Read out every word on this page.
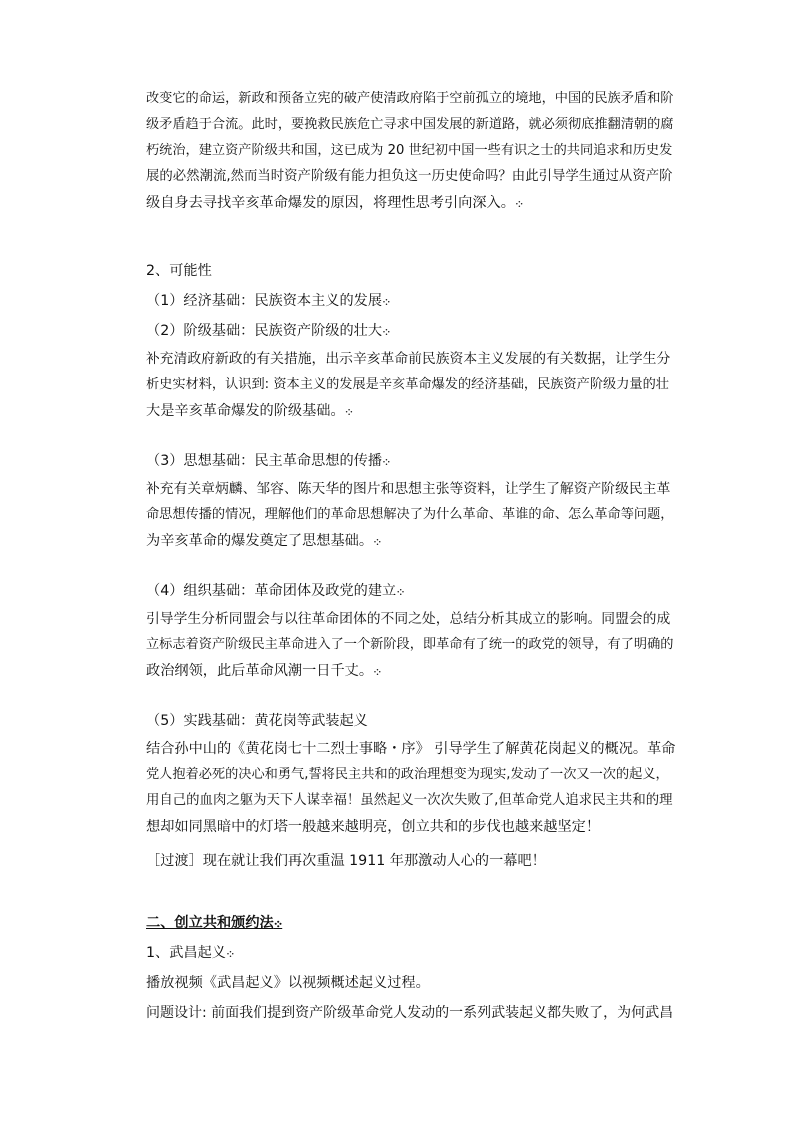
改变它的命运，新政和预备立宪的破产使清政府陷于空前孤立的境地，中国的民族矛盾和阶
级矛盾趋于合流。此时，要挽救民族危亡寻求中国发展的新道路，就必须彻底推翻清朝的腐
朽统治，建立资产阶级共和国，这已成为 20 世纪初中国一些有识之士的共同追求和历史发
展的必然潮流,然而当时资产阶级有能力担负这一历史使命吗？由此引导学生通过从资产阶
级自身去寻找辛亥革命爆发的原因，将理性思考引向深入。܀
2、可能性
（1）经济基础：民族资本主义的发展܀
（2）阶级基础：民族资产阶级的壮大܀
补充清政府新政的有关措施，出示辛亥革命前民族资本主义发展的有关数据，让学生分
析史实材料，认识到: 资本主义的发展是辛亥革命爆发的经济基础，民族资产阶级力量的壮
大是辛亥革命爆发的阶级基础。܀
（3）思想基础：民主革命思想的传播܀
补充有关章炳麟、邹容、陈天华的图片和思想主张等资料，让学生了解资产阶级民主革
命思想传播的情况，理解他们的革命思想解决了为什么革命、革谁的命、怎么革命等问题，
为辛亥革命的爆发奠定了思想基础。܀
（4）组织基础：革命团体及政党的建立܀
引导学生分析同盟会与以往革命团体的不同之处，总结分析其成立的影响。同盟会的成
立标志着资产阶级民主革命进入了一个新阶段，即革命有了统一的政党的领导，有了明确的
政治纲领，此后革命风潮一日千丈。܀
（5）实践基础：黄花岗等武装起义
结合孙中山的《黄花岗七十二烈士事略・序》 引导学生了解黄花岗起义的概况。革命
党人抱着必死的决心和勇气,誓将民主共和的政治理想变为现实,发动了一次又一次的起义，
用自己的血肉之躯为天下人谋幸福！虽然起义一次次失败了,但革命党人追求民主共和的理
想却如同黑暗中的灯塔一般越来越明亮，创立共和的步伐也越来越坚定！
［过渡］现在就让我们再次重温 1911 年那激动人心的一幕吧！
二、创立共和颁约法܀
1、武昌起义܀
播放视频《武昌起义》以视频概述起义过程。
问题设计: 前面我们提到资产阶级革命党人发动的一系列武装起义都失败了，为何武昌
